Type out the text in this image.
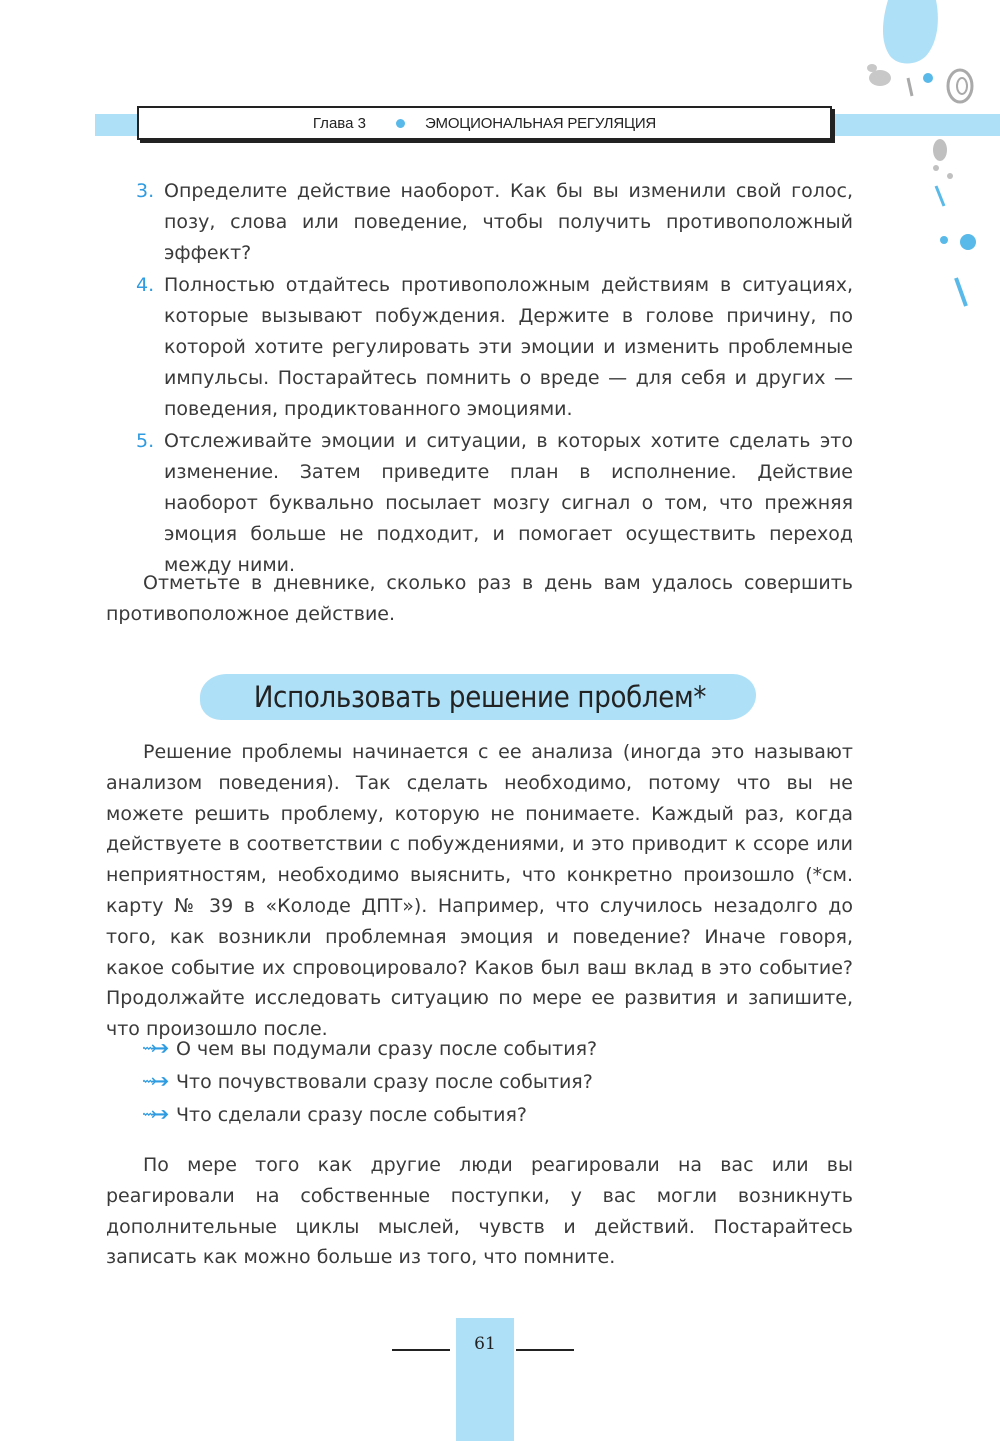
Глава 3	ЭМОЦИОНАЛЬНАЯ РЕГУЛЯЦИЯ
3. Определите действие наоборот. Как бы вы изменили свой голос, позу, слова или поведение, чтобы получить противоположный эффект?
4. Полностью отдайтесь противоположным действиям в ситуациях, которые вызывают побуждения. Держите в голове причину, по которой хотите регулировать эти эмоции и изменить проблемные импульсы. Постарайтесь помнить о вреде — для себя и других — поведения, продиктованного эмоциями.
5. Отслеживайте эмоции и ситуации, в которых хотите сделать это изменение. Затем приведите план в исполнение. Действие наоборот буквально посылает мозгу сигнал о том, что прежняя эмоция больше не подходит, и помогает осуществить переход между ними.
Отметьте в дневнике, сколько раз в день вам удалось совершить противоположное действие.
Использовать решение проблем*
Решение проблемы начинается с ее анализа (иногда это называют анализом поведения). Так сделать необходимо, потому что вы не можете решить проблему, которую не понимаете. Каждый раз, когда действуете в соответствии с побуждениями, и это приводит к ссоре или неприятностям, необходимо выяснить, что конкретно произошло (*см. карту № 39 в «Колоде ДПТ»). Например, что случилось незадолго до того, как возникли проблемная эмоция и поведение? Иначе говоря, какое событие их спровоцировало? Каков был ваш вклад в это событие? Продолжайте исследовать ситуацию по мере ее развития и запишите, что произошло после.
⇝➔ О чем вы подумали сразу после события?
⇝➔ Что почувствовали сразу после события?
⇝➔ Что сделали сразу после события?
По мере того как другие люди реагировали на вас или вы реагировали на собственные поступки, у вас могли возникнуть дополнительные циклы мыслей, чувств и действий. Постарайтесь записать как можно больше из того, что помните.
61
